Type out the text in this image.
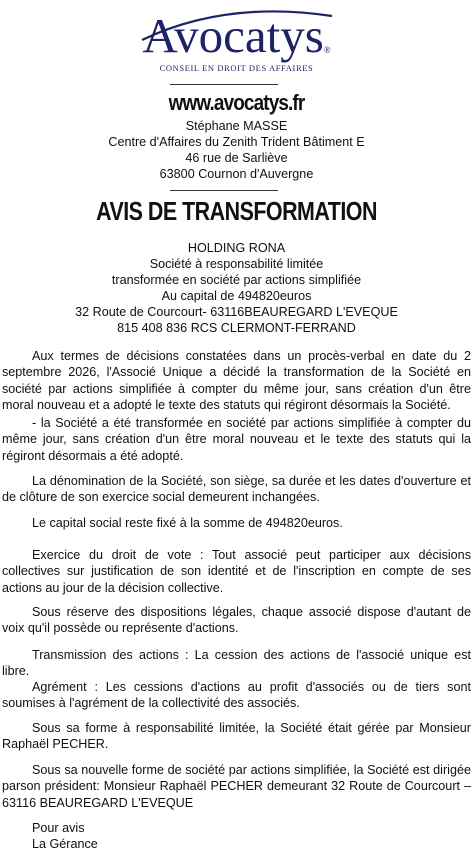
Avocatys®
CONSEIL EN DROIT DES AFFAIRES
www.avocatys.fr
Stéphane MASSE
Centre d'Affaires du Zenith Trident Bâtiment E
46 rue de Sarliève
63800 Cournon d'Auvergne
AVIS DE TRANSFORMATION
HOLDING RONA
Société à responsabilité limitée
transformée en société par actions simplifiée
Au capital de 494820euros
32 Route de Courcourt- 63116BEAUREGARD L'EVEQUE
815 408 836 RCS CLERMONT-FERRAND
Aux termes de décisions constatées dans un procès-verbal en date du 2 septembre 2026, l'Associé Unique a décidé la transformation de la Société en société par actions simplifiée à compter du même jour, sans création d'un être moral nouveau et a adopté le texte des statuts qui régiront désormais la Société.
- la Société a été transformée en société par actions simplifiée à compter du même jour, sans création d'un être moral nouveau et le texte des statuts qui la régiront désormais a été adopté.
La dénomination de la Société, son siège, sa durée et les dates d'ouverture et de clôture de son exercice social demeurent inchangées.
Le capital social reste fixé à la somme de 494820euros.
Exercice du droit de vote : Tout associé peut participer aux décisions collectives sur justification de son identité et de l'inscription en compte de ses actions au jour de la décision collective.
Sous réserve des dispositions légales, chaque associé dispose d'autant de voix qu'il possède ou représente d'actions.
Transmission des actions : La cession des actions de l'associé unique est libre.
Agrément : Les cessions d'actions au profit d'associés ou de tiers sont soumises à l'agrément de la collectivité des associés.
Sous sa forme à responsabilité limitée, la Société était gérée par Monsieur Raphaël PECHER.
Sous sa nouvelle forme de société par actions simplifiée, la Société est dirigée parson président: Monsieur Raphaël PECHER demeurant 32 Route de Courcourt – 63116 BEAUREGARD L'EVEQUE
Pour avis
La Gérance
